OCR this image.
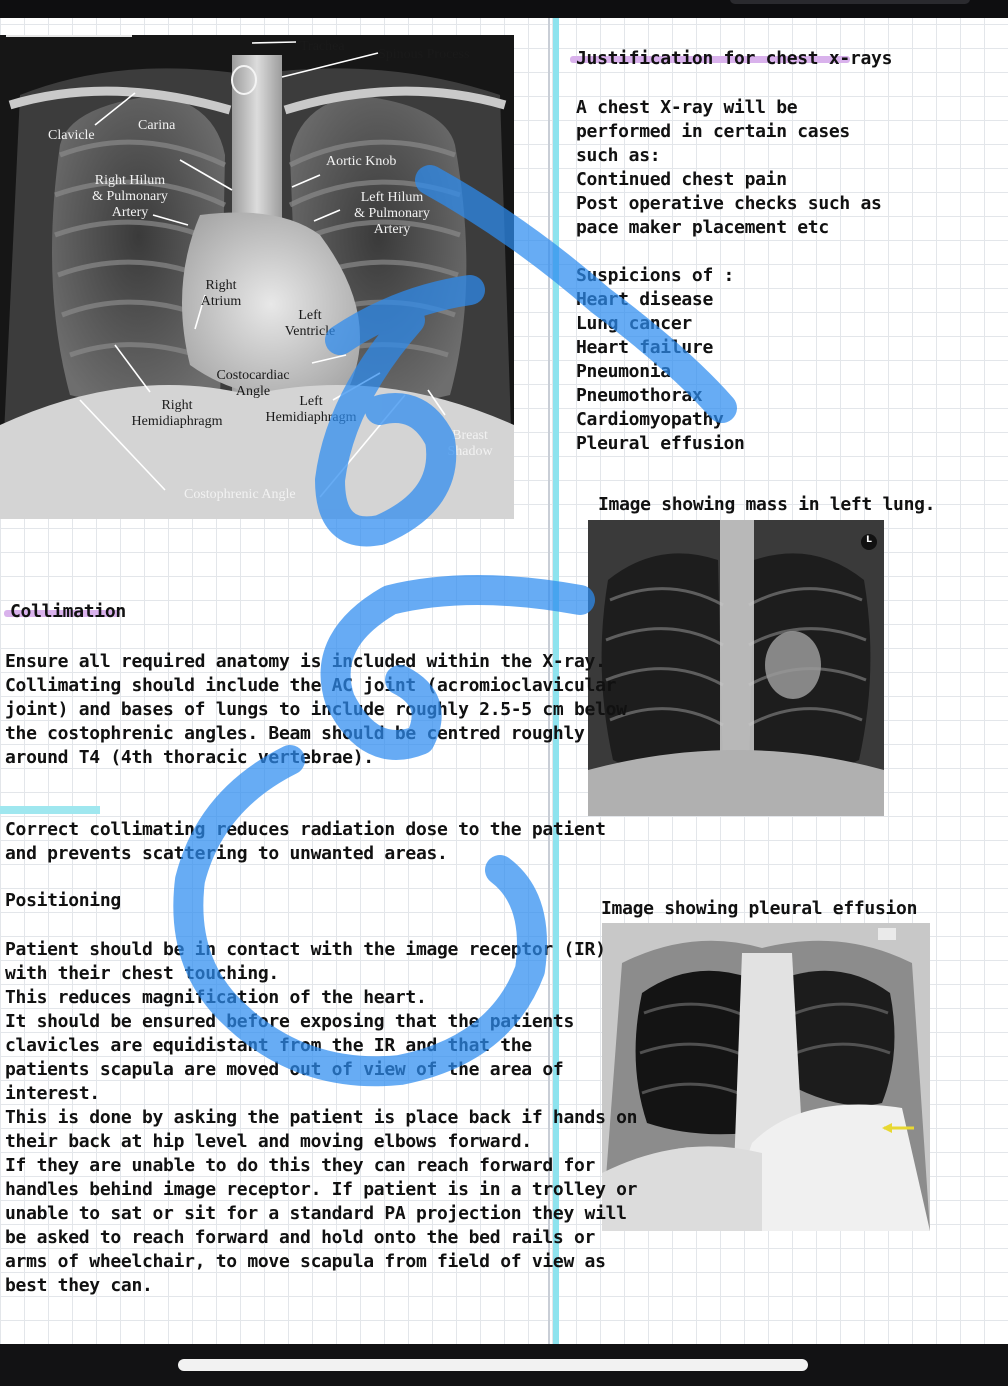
Trachea
Spinous Process
Clavicle
Carina
Aortic Knob
Right Hilum
& Pulmonary
Artery
Left Hilum
& Pulmonary
Artery
Right
Atrium
Left
Ventricle
Costocardiac
Angle
Right
Hemidiaphragm
Left
Hemidiaphragm
Breast
Shadow
Costophrenic Angle
Justification for chest x-rays
A chest X-ray will be
performed in certain cases
such as:
Continued chest pain
Post operative checks such as
pace maker placement etc
Suspicions of :
Heart disease
Lung cancer
Heart failure
Pneumonia
Pneumothorax
Cardiomyopathy
Pleural effusion
Image showing mass in left lung.
L
Image showing pleural effusion
Collimation
Ensure all required anatomy is included within the X-ray.
Collimating should include the AC joint (acromioclavicular
joint) and bases of lungs to include roughly 2.5-5 cm below
the costophrenic angles. Beam should be centred roughly
around T4 (4th thoracic vertebrae).
Correct collimating reduces radiation dose to the patient
and prevents scattering to unwanted areas.
Positioning
Patient should be in contact with the image receptor (IR)
with their chest touching.
This reduces magnification of the heart.
It should be ensured before exposing that the patients
clavicles are equidistant from the IR and that the
patients scapula are moved out of view of the area of
interest.
This is done by asking the patient is place back if hands on
their back at hip level and moving elbows forward.
If they are unable to do this they can reach forward for
handles behind image receptor. If patient is in a trolley or
unable to sat or sit for a standard PA projection they will
be asked to reach forward and hold onto the bed rails or
arms of wheelchair, to move scapula from field of view as
best they can.
